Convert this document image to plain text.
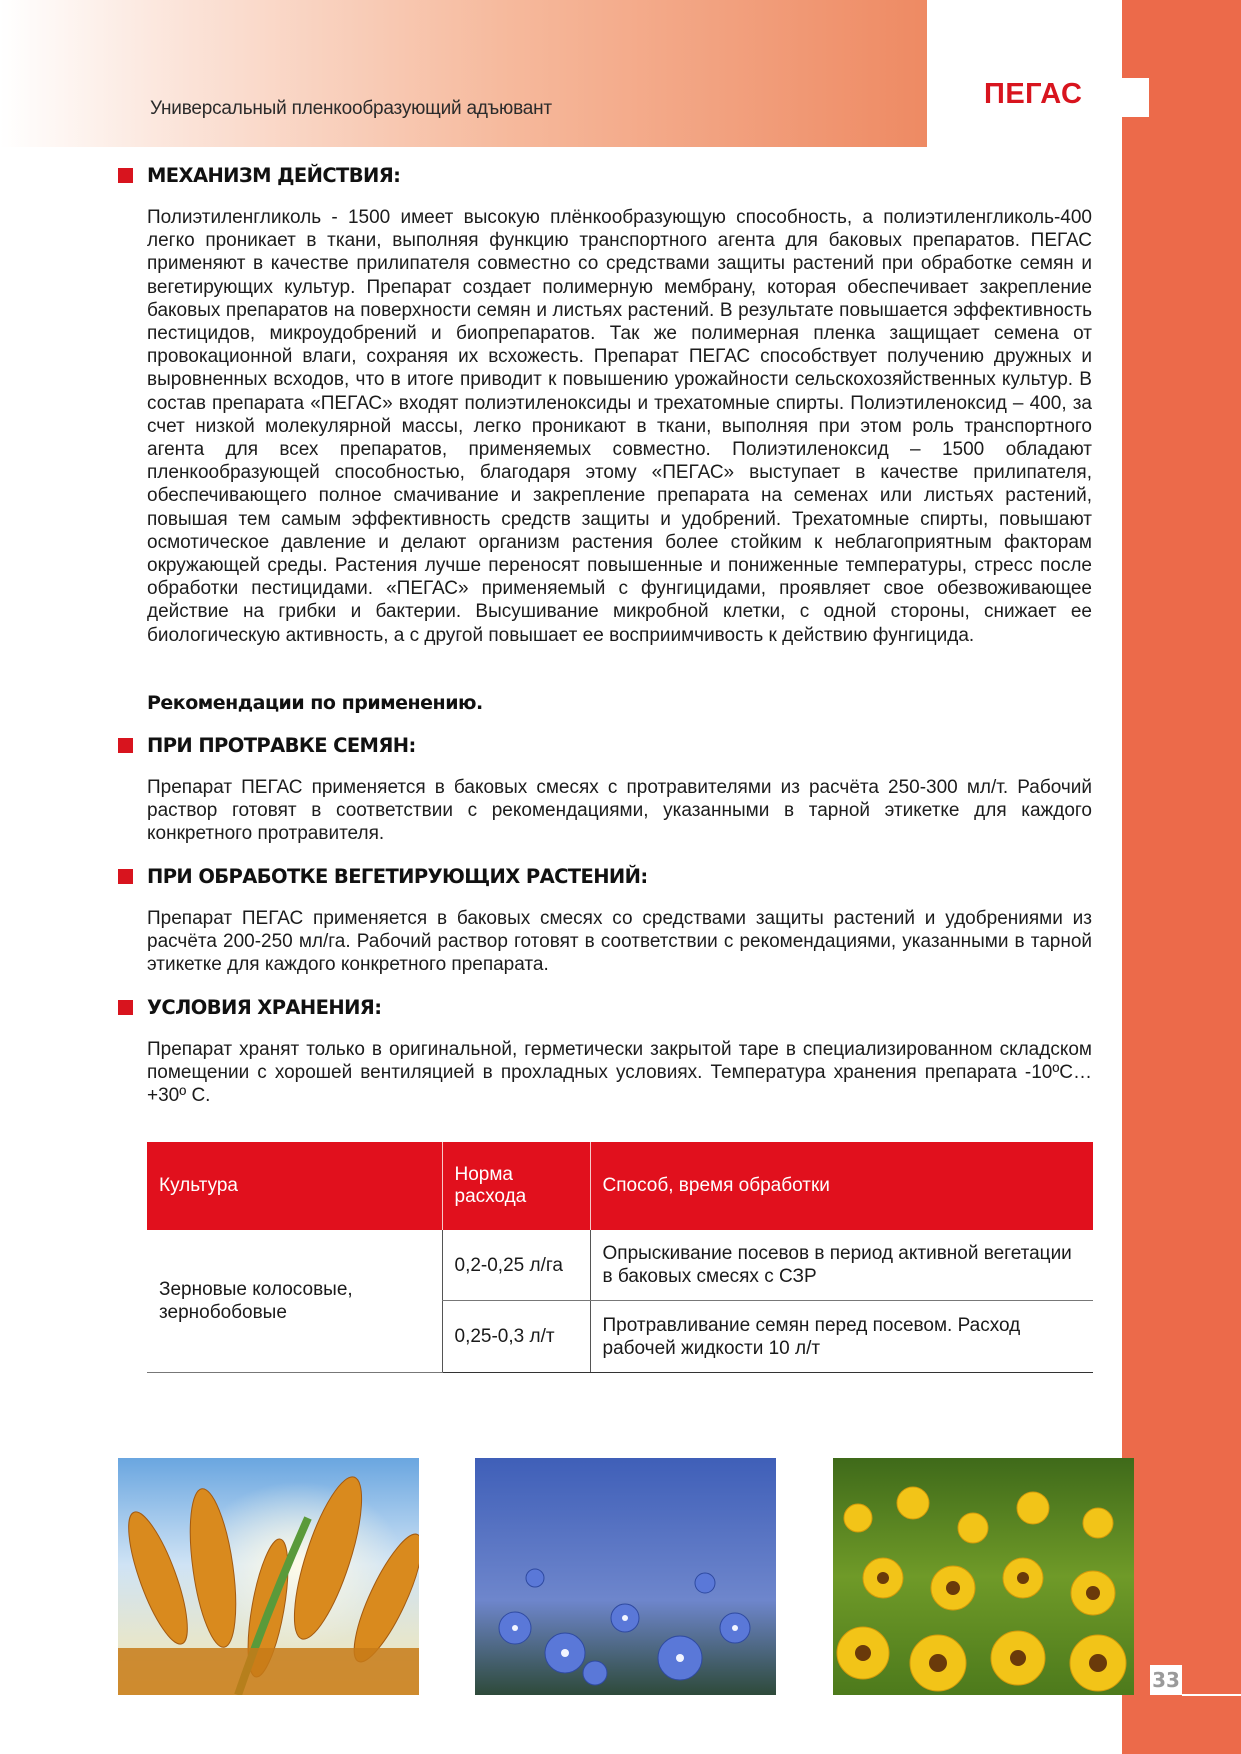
Универсальный пленкообразующий адъювант	ПЕГАС
МЕХАНИЗМ ДЕЙСТВИЯ:

Полиэтиленгликоль - 1500 имеет высокую плёнкообразующую способность, а полиэтиленгликоль-400 легко проникает в ткани, выполняя функцию транспортного агента для баковых препаратов. ПЕГАС применяют в качестве прилипателя совместно со средствами защиты растений при обработке семян и вегетирующих культур. Препарат создает полимерную мембрану, которая обеспечивает закрепление баковых препаратов на поверхности семян и листьях растений. В результате повышается эффективность пестицидов, микроудобрений и биопрепаратов. Так же полимерная пленка защищает семена от провокационной влаги, сохраняя их всхожесть. Препарат ПЕГАС способствует получению дружных и выровненных всходов, что в итоге приводит к повышению урожайности сельскохозяйственных культур. В состав препарата «ПЕГАС» входят полиэтиленоксиды и трехатомные спирты. Полиэтиленоксид – 400, за счет низкой молекулярной массы, легко проникают в ткани, выполняя при этом роль транспортного агента для всех препаратов, применяемых совместно. Полиэтиленоксид – 1500 обладают пленкообразующей способностью, благодаря этому «ПЕГАС» выступает в качестве прилипателя, обеспечивающего полное смачивание и закрепление препарата на семенах или листьях растений, повышая тем самым эффективность средств защиты и удобрений. Трехатомные спирты, повышают осмотическое давление и делают организм растения более стойким к неблагоприятным факторам окружающей среды. Растения лучше переносят повышенные и пониженные температуры, стресс после обработки пестицидами. «ПЕГАС» применяемый с фунгицидами, проявляет свое обезвоживающее действие на грибки и бактерии. Высушивание микробной клетки, с одной стороны, снижает ее биологическую активность, а с другой повышает ее восприимчивость к действию фунгицида.

Рекомендации по применению.
ПРИ ПРОТРАВКЕ СЕМЯН:

Препарат ПЕГАС применяется в баковых смесях с протравителями из расчёта 250-300 мл/т. Рабочий раствор готовят в соответствии с рекомендациями, указанными в тарной этикетке для каждого конкретного протравителя.

ПРИ ОБРАБОТКЕ ВЕГЕТИРУЮЩИХ РАСТЕНИЙ:

Препарат ПЕГАС применяется в баковых смесях со средствами защиты растений и удобрениями из расчёта 200-250 мл/га. Рабочий раствор готовят в соответствии с рекомендациями, указанными в тарной этикетке для каждого конкретного препарата.

УСЛОВИЯ ХРАНЕНИЯ:

Препарат хранят только в оригинальной, герметически закрытой таре в специализированном складском помещении с хорошей вентиляцией в прохладных условиях. Температура хранения препарата -10ºC…+30º C.

Культура	Норма расхода	Способ, время обработки
Зерновые колосовые, зернобобовые	0,2-0,25 л/га	Опрыскивание посевов в период активной вегетации в баковых смесях с СЗР
	0,25-0,3 л/т	Протравливание семян перед посевом. Расход рабочей жидкости 10 л/т
33
